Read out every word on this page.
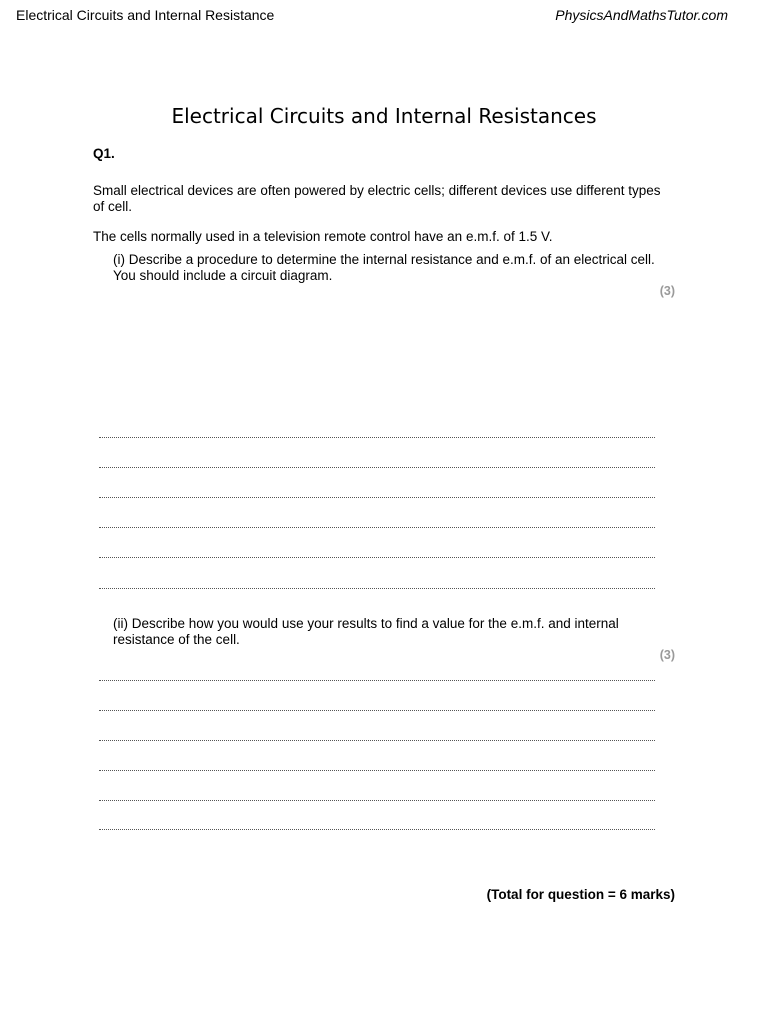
Electrical Circuits and Internal Resistance	PhysicsAndMathsTutor.com
Electrical Circuits and Internal Resistances
Q1.
Small electrical devices are often powered by electric cells; different devices use different types of cell.
The cells normally used in a television remote control have an e.m.f. of 1.5 V.
(i) Describe a procedure to determine the internal resistance and e.m.f. of an electrical cell. You should include a circuit diagram.
(3)
(ii) Describe how you would use your results to find a value for the e.m.f. and internal resistance of the cell.
(3)
(Total for question = 6 marks)
